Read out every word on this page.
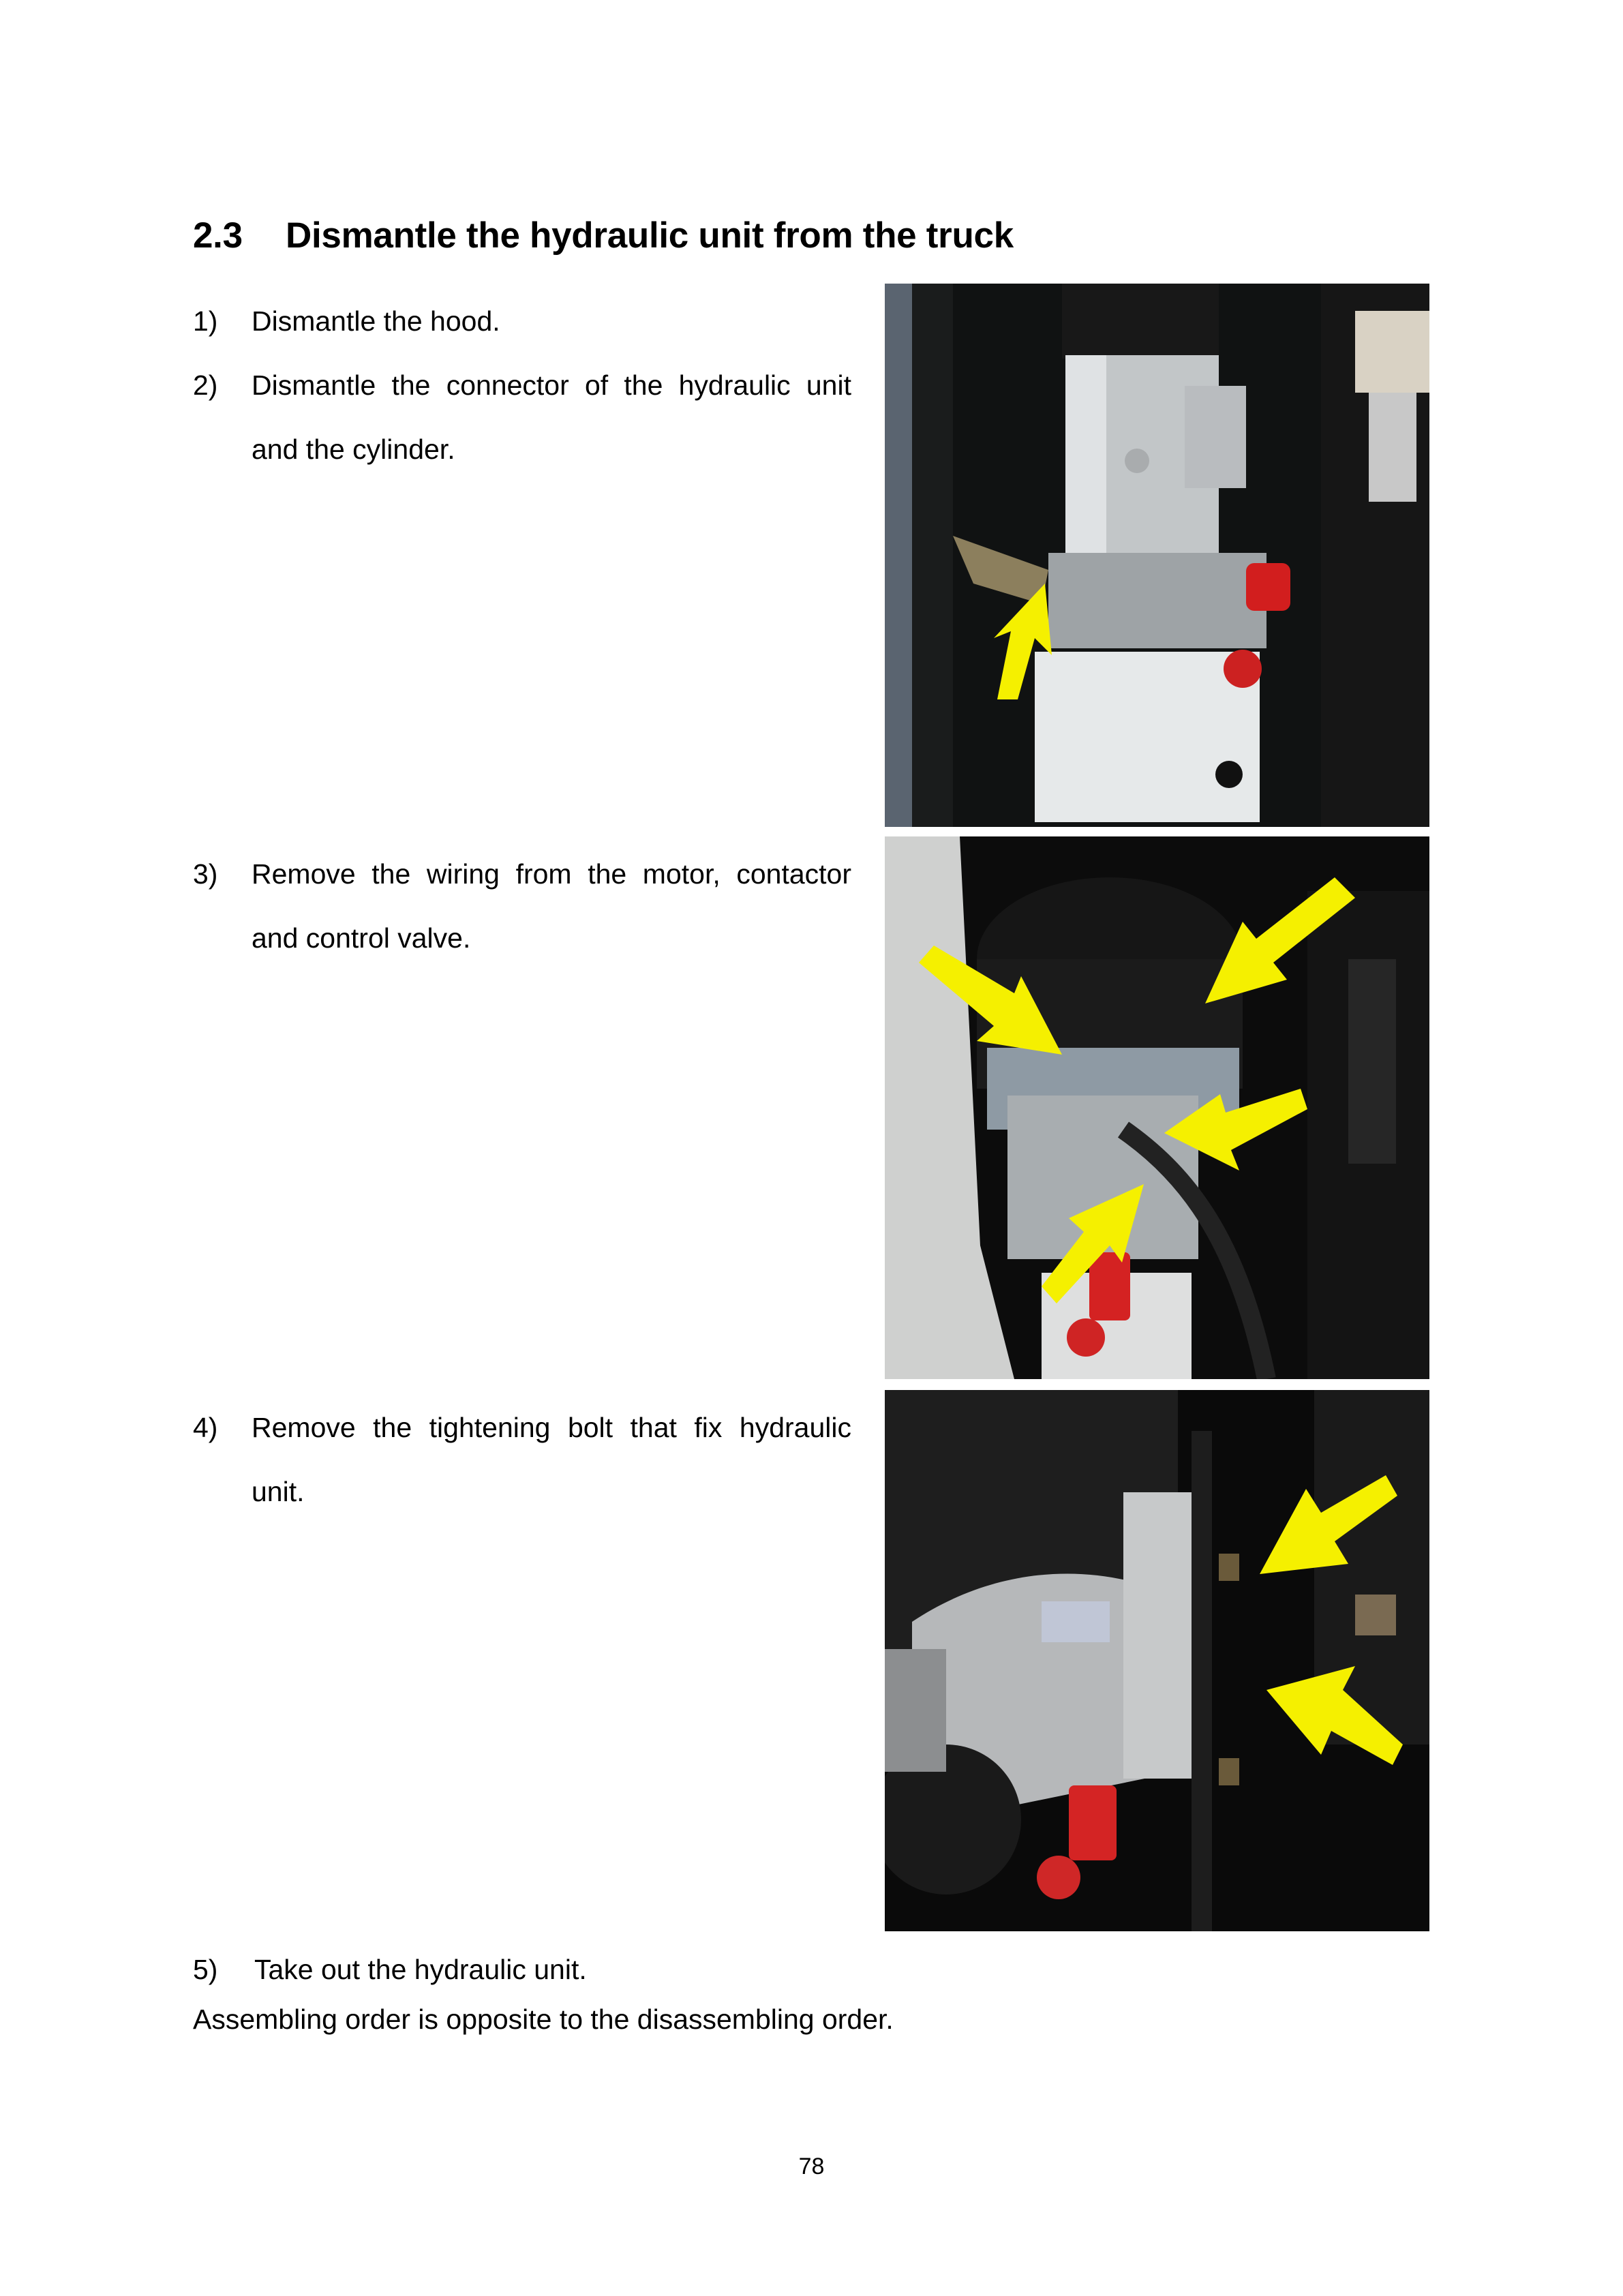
2.3 Dismantle the hydraulic unit from the truck
1) Dismantle the hood.
2) Dismantle the connector of the hydraulic unit and the cylinder.
3) Remove the wiring from the motor, contactor and control valve.
4) Remove the tightening bolt that fix hydraulic unit.
5) Take out the hydraulic unit.
Assembling order is opposite to the disassembling order.
78
